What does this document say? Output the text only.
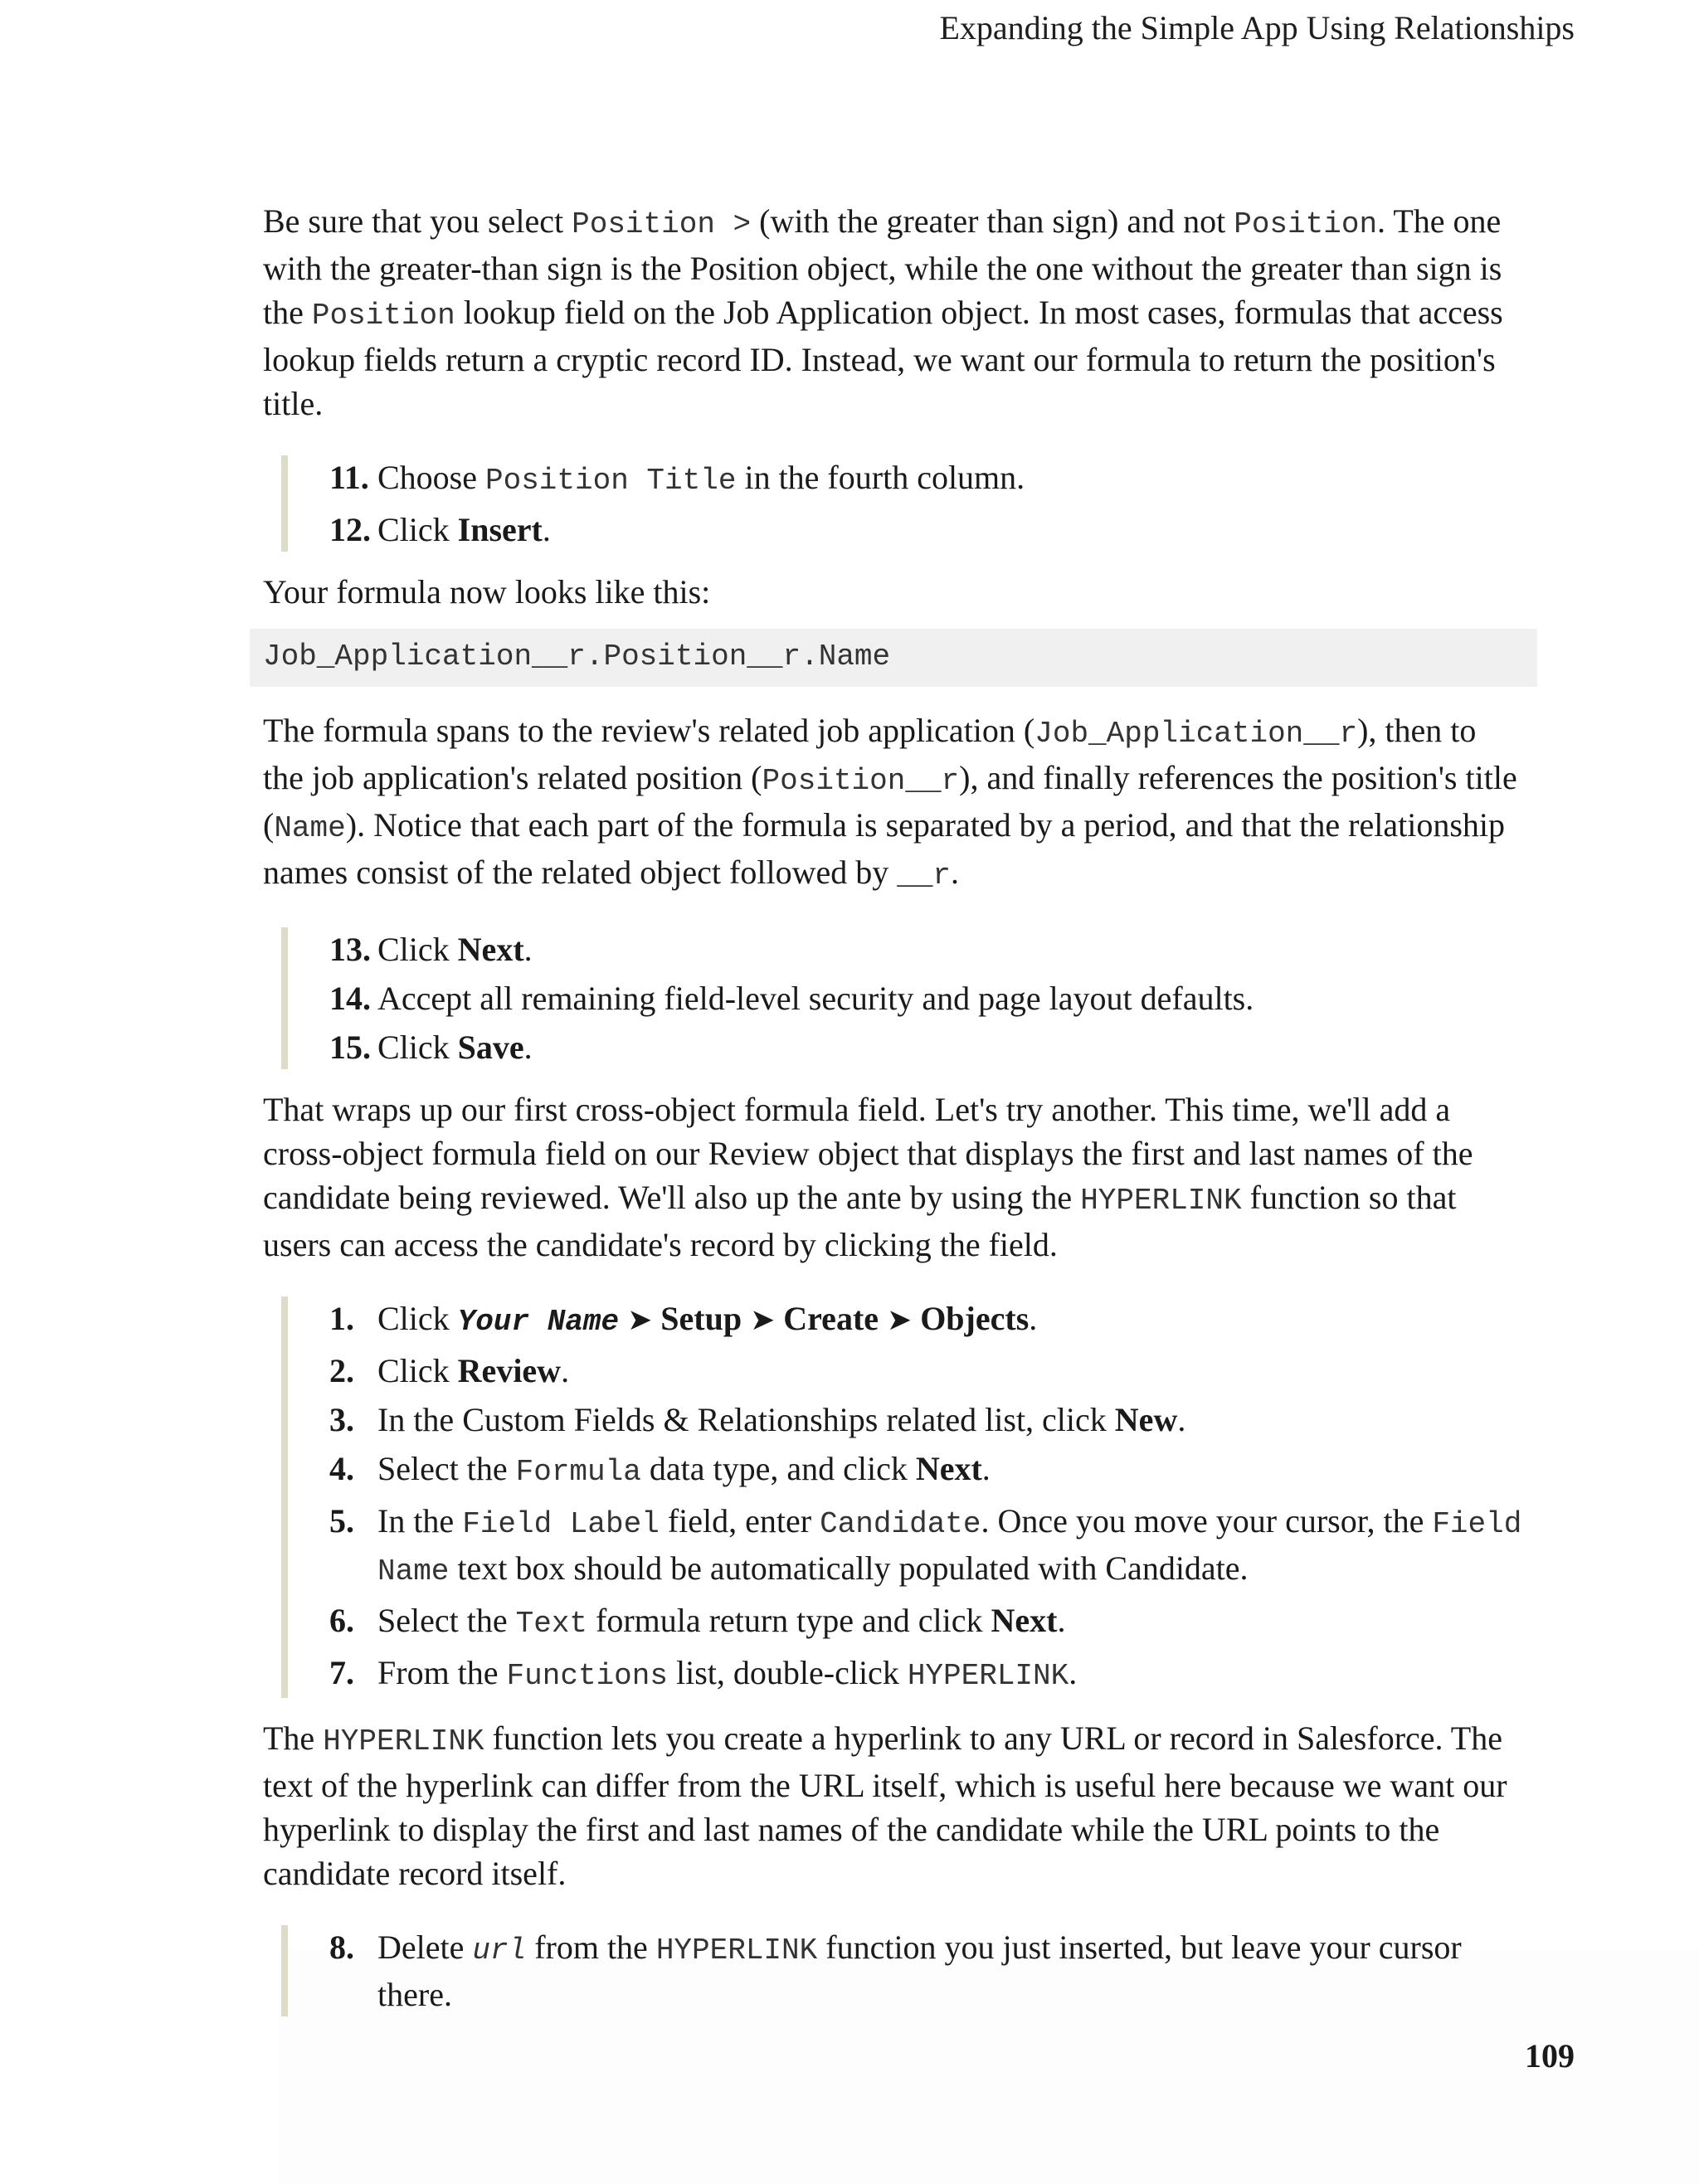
Expanding the Simple App Using Relationships

Be sure that you select Position > (with the greater than sign) and not Position. The one with the greater-than sign is the Position object, while the one without the greater than sign is the Position lookup field on the Job Application object. In most cases, formulas that access lookup fields return a cryptic record ID. Instead, we want our formula to return the position's title.

11. Choose Position Title in the fourth column.
12. Click Insert.

Your formula now looks like this:

Job_Application__r.Position__r.Name

The formula spans to the review's related job application (Job_Application__r), then to the job application's related position (Position__r), and finally references the position's title (Name). Notice that each part of the formula is separated by a period, and that the relationship names consist of the related object followed by __r.

13. Click Next.
14. Accept all remaining field-level security and page layout defaults.
15. Click Save.

That wraps up our first cross-object formula field. Let's try another. This time, we'll add a cross-object formula field on our Review object that displays the first and last names of the candidate being reviewed. We'll also up the ante by using the HYPERLINK function so that users can access the candidate's record by clicking the field.

1. Click Your Name ➤ Setup ➤ Create ➤ Objects.
2. Click Review.
3. In the Custom Fields & Relationships related list, click New.
4. Select the Formula data type, and click Next.
5. In the Field Label field, enter Candidate. Once you move your cursor, the Field Name text box should be automatically populated with Candidate.
6. Select the Text formula return type and click Next.
7. From the Functions list, double-click HYPERLINK.

The HYPERLINK function lets you create a hyperlink to any URL or record in Salesforce. The text of the hyperlink can differ from the URL itself, which is useful here because we want our hyperlink to display the first and last names of the candidate while the URL points to the candidate record itself.

8. Delete url from the HYPERLINK function you just inserted, but leave your cursor there.
109
